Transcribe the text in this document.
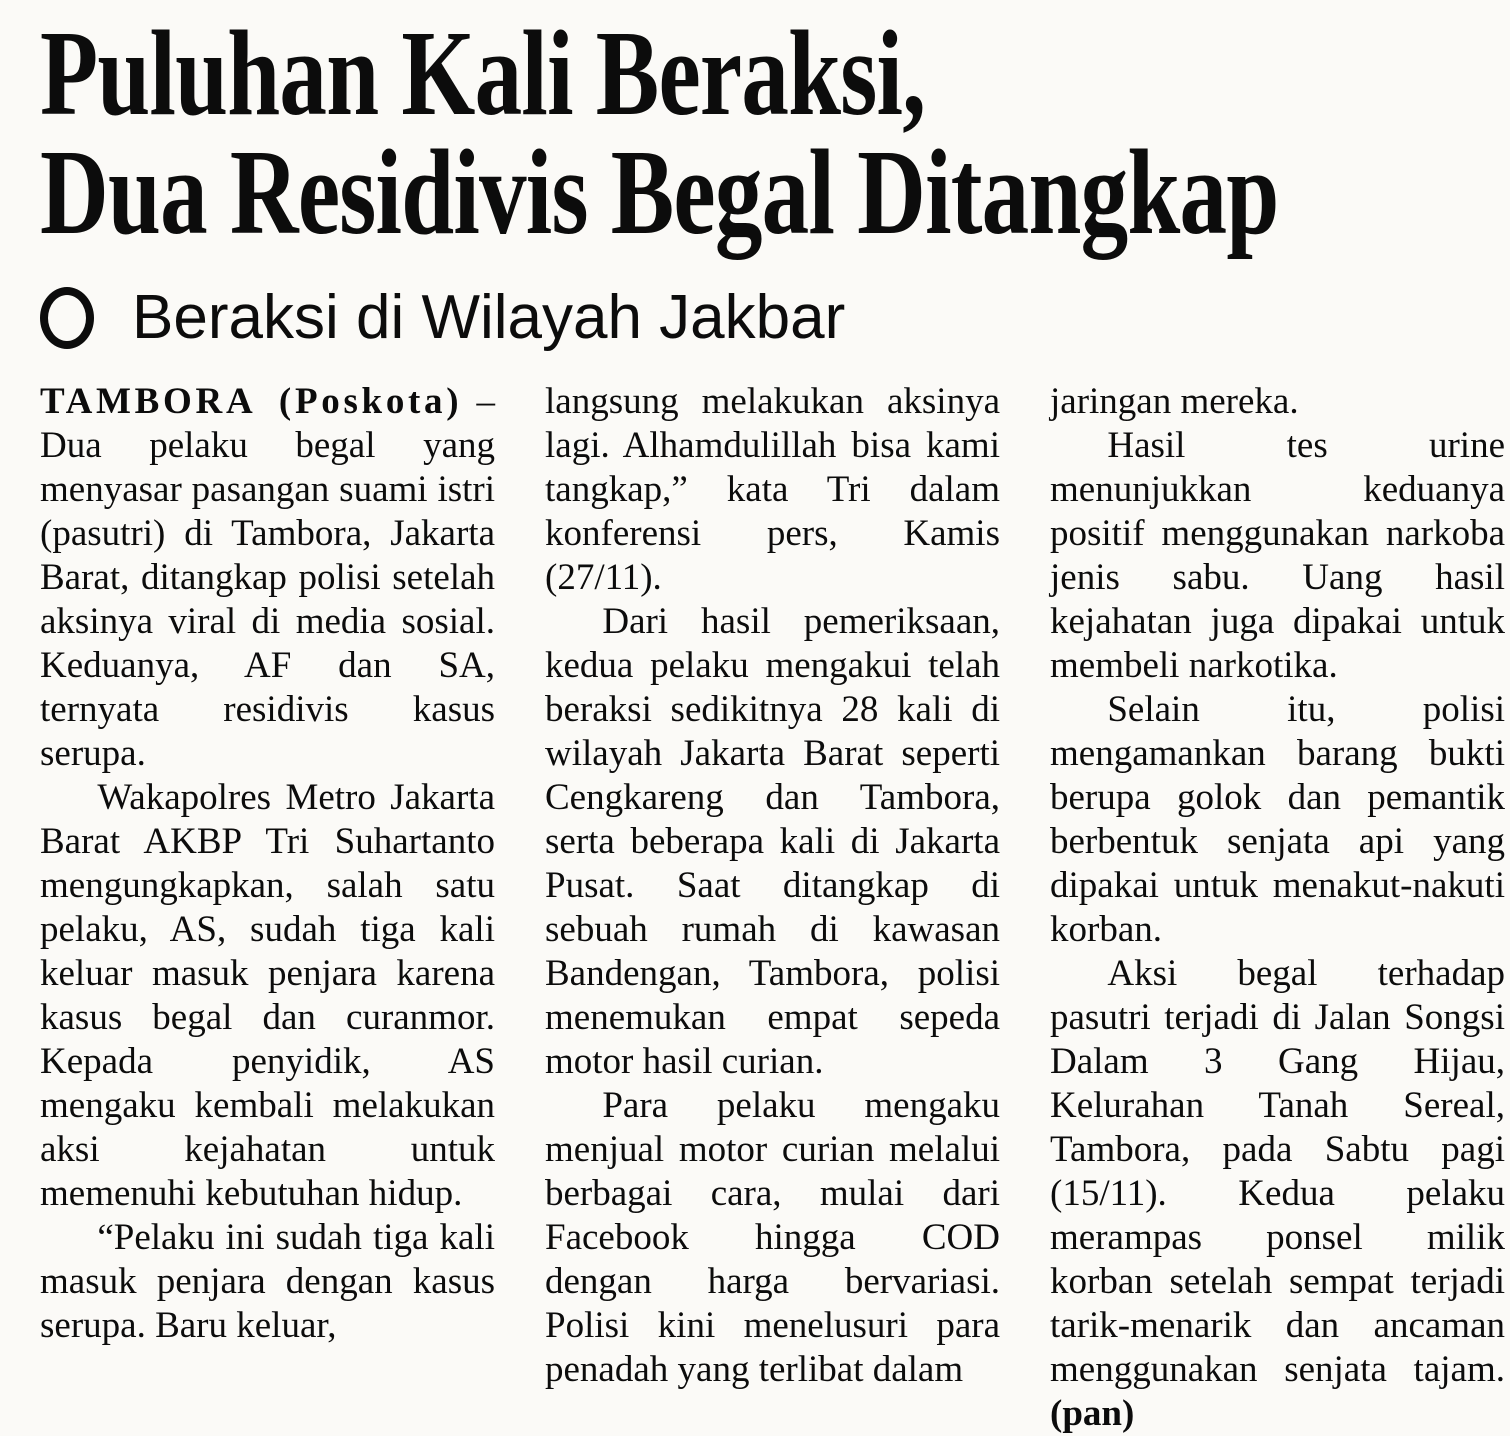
Puluhan Kali Beraksi,
Dua Residivis Begal Ditangkap
Beraksi di Wilayah Jakbar

TAMBORA (Poskota) – Dua pelaku begal yang menyasar pasangan suami istri (pasutri) di Tambora, Jakarta Barat, ditangkap polisi setelah aksinya viral di media sosial. Keduanya, AF dan SA, ternyata residivis kasus serupa.

Wakapolres Metro Jakarta Barat AKBP Tri Suhartanto mengungkapkan, salah satu pelaku, AS, sudah tiga kali keluar masuk penjara karena kasus begal dan curanmor. Kepada penyidik, AS mengaku kembali melakukan aksi kejahatan untuk memenuhi kebutuhan hidup.

“Pelaku ini sudah tiga kali masuk penjara dengan kasus serupa. Baru keluar,

langsung melakukan aksinya lagi. Alhamdulillah bisa kami tangkap,” kata Tri dalam konferensi pers, Kamis (27/11).

Dari hasil pemeriksaan, kedua pelaku mengakui telah beraksi sedikitnya 28 kali di wilayah Jakarta Barat seperti Cengkareng dan Tambora, serta beberapa kali di Jakarta Pusat. Saat ditangkap di sebuah rumah di kawasan Bandengan, Tambora, polisi menemukan empat sepeda motor hasil curian.

Para pelaku mengaku menjual motor curian melalui berbagai cara, mulai dari Facebook hingga COD dengan harga bervariasi. Polisi kini menelusuri para penadah yang terlibat dalam

jaringan mereka.

Hasil tes urine menunjukkan keduanya positif menggunakan narkoba jenis sabu. Uang hasil kejahatan juga dipakai untuk membeli narkotika.

Selain itu, polisi mengamankan barang bukti berupa golok dan pemantik berbentuk senjata api yang dipakai untuk menakut-nakuti korban.

Aksi begal terhadap pasutri terjadi di Jalan Songsi Dalam 3 Gang Hijau, Kelurahan Tanah Sereal, Tambora, pada Sabtu pagi (15/11). Kedua pelaku merampas ponsel milik korban setelah sempat terjadi tarik-menarik dan ancaman menggunakan senjata tajam. (pan)
